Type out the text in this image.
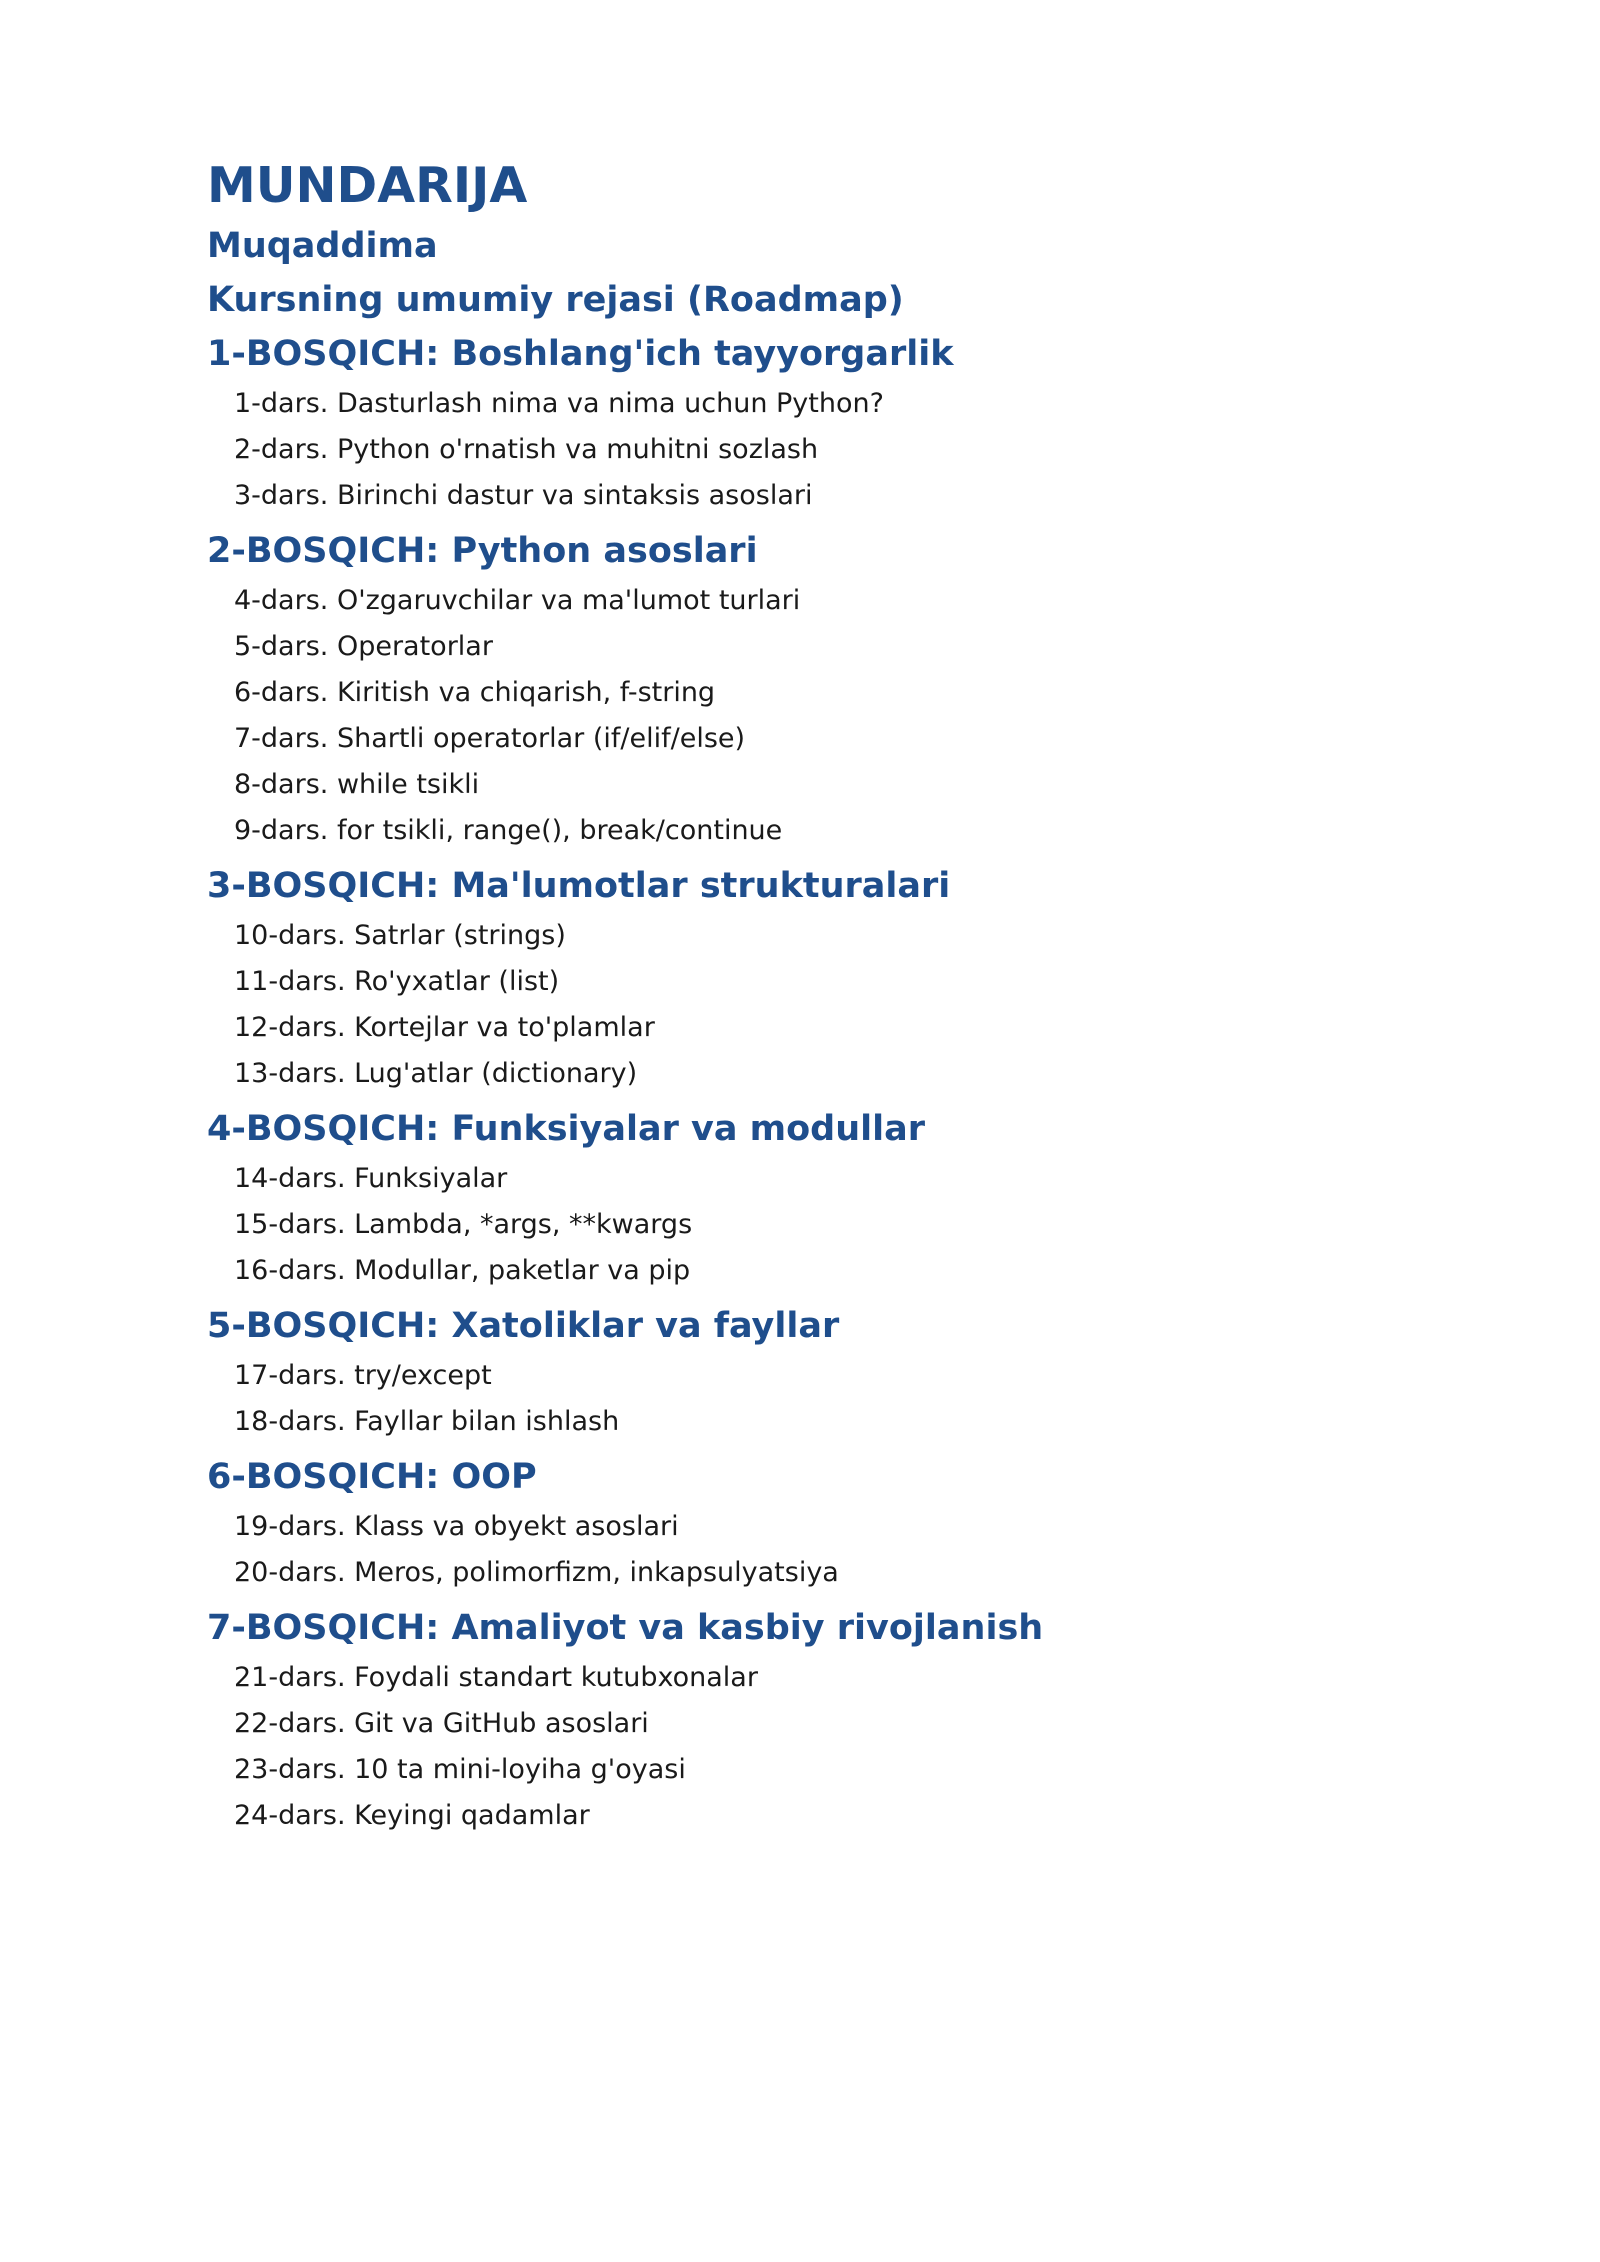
MUNDARIJA
Muqaddima
Kursning umumiy rejasi (Roadmap)
1-BOSQICH: Boshlang'ich tayyorgarlik
1-dars. Dasturlash nima va nima uchun Python?
2-dars. Python o'rnatish va muhitni sozlash
3-dars. Birinchi dastur va sintaksis asoslari
2-BOSQICH: Python asoslari
4-dars. O'zgaruvchilar va ma'lumot turlari
5-dars. Operatorlar
6-dars. Kiritish va chiqarish, f-string
7-dars. Shartli operatorlar (if/elif/else)
8-dars. while tsikli
9-dars. for tsikli, range(), break/continue
3-BOSQICH: Ma'lumotlar strukturalari
10-dars. Satrlar (strings)
11-dars. Ro'yxatlar (list)
12-dars. Kortejlar va to'plamlar
13-dars. Lug'atlar (dictionary)
4-BOSQICH: Funksiyalar va modullar
14-dars. Funksiyalar
15-dars. Lambda, *args, **kwargs
16-dars. Modullar, paketlar va pip
5-BOSQICH: Xatoliklar va fayllar
17-dars. try/except
18-dars. Fayllar bilan ishlash
6-BOSQICH: OOP
19-dars. Klass va obyekt asoslari
20-dars. Meros, polimorfizm, inkapsulyatsiya
7-BOSQICH: Amaliyot va kasbiy rivojlanish
21-dars. Foydali standart kutubxonalar
22-dars. Git va GitHub asoslari
23-dars. 10 ta mini-loyiha g'oyasi
24-dars. Keyingi qadamlar
